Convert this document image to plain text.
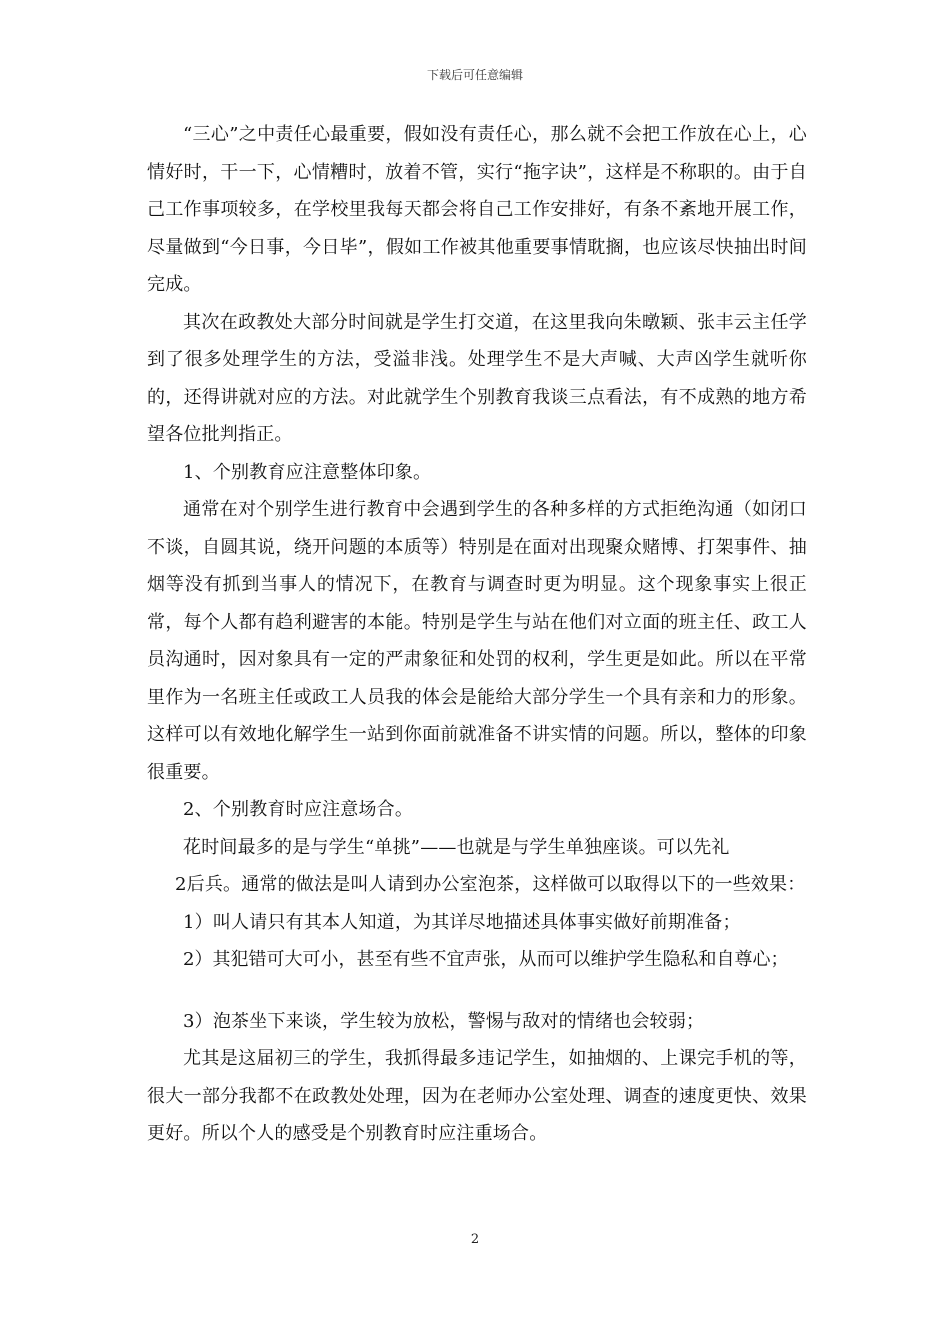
下载后可任意编辑

“三心”之中责任心最重要，假如没有责任心，那么就不会把工作放在心上，心情好时，干一下，心情糟时，放着不管，实行“拖字诀”，这样是不称职的。由于自己工作事项较多，在学校里我每天都会将自己工作安排好，有条不紊地开展工作，尽量做到“今日事，今日毕”，假如工作被其他重要事情耽搁，也应该尽快抽出时间完成。

其次在政教处大部分时间就是学生打交道，在这里我向朱暾颖、张丰云主任学到了很多处理学生的方法，受溢非浅。处理学生不是大声喊、大声凶学生就听你的，还得讲就对应的方法。对此就学生个别教育我谈三点看法，有不成熟的地方希望各位批判指正。

1、个别教育应注意整体印象。

通常在对个别学生进行教育中会遇到学生的各种多样的方式拒绝沟通（如闭口不谈，自圆其说，绕开问题的本质等）特别是在面对出现聚众赌博、打架事件、抽烟等没有抓到当事人的情况下，在教育与调查时更为明显。这个现象事实上很正常，每个人都有趋利避害的本能。特别是学生与站在他们对立面的班主任、政工人员沟通时，因对象具有一定的严肃象征和处罚的权利，学生更是如此。所以在平常里作为一名班主任或政工人员我的体会是能给大部分学生一个具有亲和力的形象。这样可以有效地化解学生一站到你面前就准备不讲实情的问题。所以，整体的印象很重要。

2、个别教育时应注意场合。

花时间最多的是与学生“单挑”——也就是与学生单独座谈。可以先礼

2后兵。通常的做法是叫人请到办公室泡茶，这样做可以取得以下的一些效果：

1）叫人请只有其本人知道，为其详尽地描述具体事实做好前期准备；

2）其犯错可大可小，甚至有些不宜声张，从而可以维护学生隐私和自尊心；

3）泡茶坐下来谈，学生较为放松，警惕与敌对的情绪也会较弱；

尤其是这届初三的学生，我抓得最多违记学生，如抽烟的、上课完手机的等，很大一部分我都不在政教处处理，因为在老师办公室处理、调查的速度更快、效果更好。所以个人的感受是个别教育时应注重场合。

2
